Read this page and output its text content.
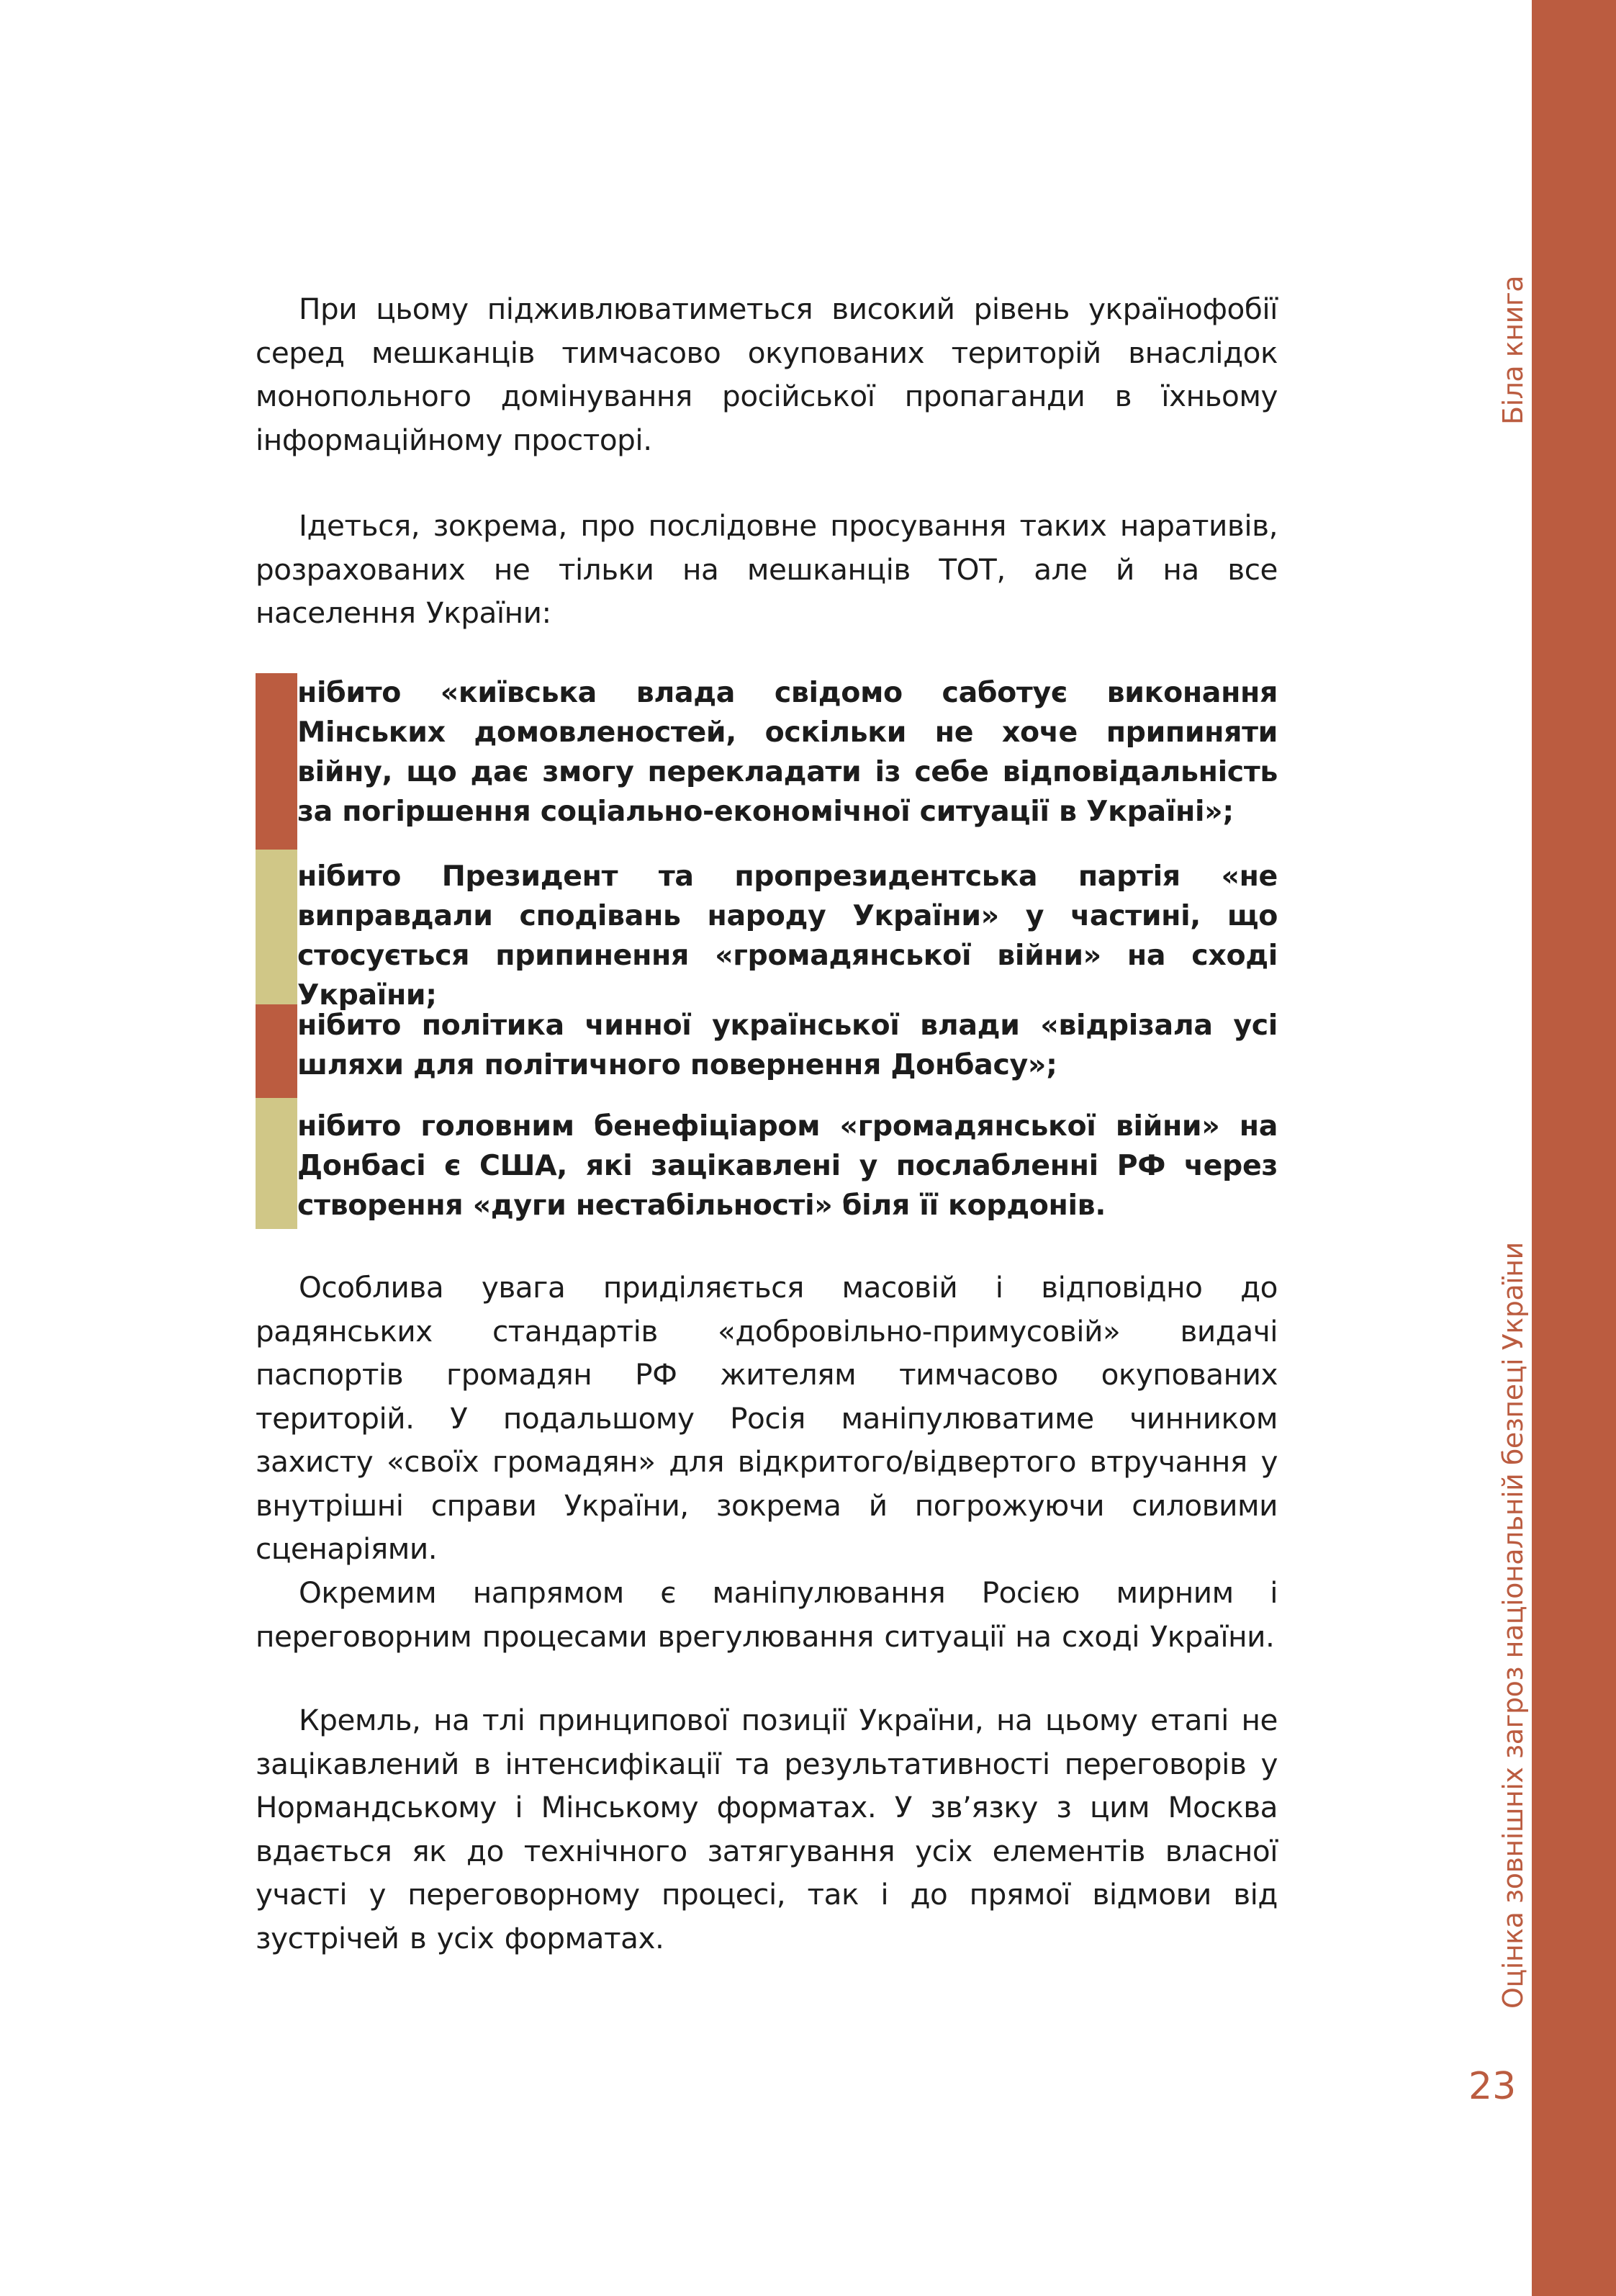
Біла книга
Оцінка зовнішніх загроз національній безпеці України
23

При цьому підживлюватиметься високий рівень українофобії серед мешканців тимчасово окупованих територій внаслідок монопольного домінування російської пропаганди в їхньому інформаційному просторі.

Ідеться, зокрема, про послідовне просування таких наративів, розрахованих не тільки на мешканців ТОТ, але й на все населення України:

нібито «київська влада свідомо саботує виконання Мінських домовленостей, оскільки не хоче припиняти війну, що дає змогу перекладати із себе відповідальність за погіршення соціально-економічної ситуації в Україні»;
нібито Президент та пропрезидентська партія «не виправдали сподівань народу України» у частині, що стосується припинення «громадянської війни» на сході України;
нібито політика чинної української влади «відрізала усі шляхи для політичного повернення Донбасу»;
нібито головним бенефіціаром «громадянської війни» на Донбасі є США, які зацікавлені у послабленні РФ через створення «дуги нестабільності» біля її кордонів.

Особлива увага приділяється масовій і відповідно до радянських стандартів «добровільно-примусовій» видачі паспортів громадян РФ жителям тимчасово окупованих територій. У подальшому Росія маніпулюватиме чинником захисту «своїх громадян» для відкритого/відвертого втручання у внутрішні справи України, зокрема й погрожуючи силовими сценаріями.

Окремим напрямом є маніпулювання Росією мирним і переговорним процесами врегулювання ситуації на сході України.

Кремль, на тлі принципової позиції України, на цьому етапі не зацікавлений в інтенсифікації та результативності переговорів у Нормандському і Мінському форматах. У зв’язку з цим Москва вдається як до технічного затягування усіх елементів власної участі у переговорному процесі, так і до прямої відмови від зустрічей в усіх форматах.
